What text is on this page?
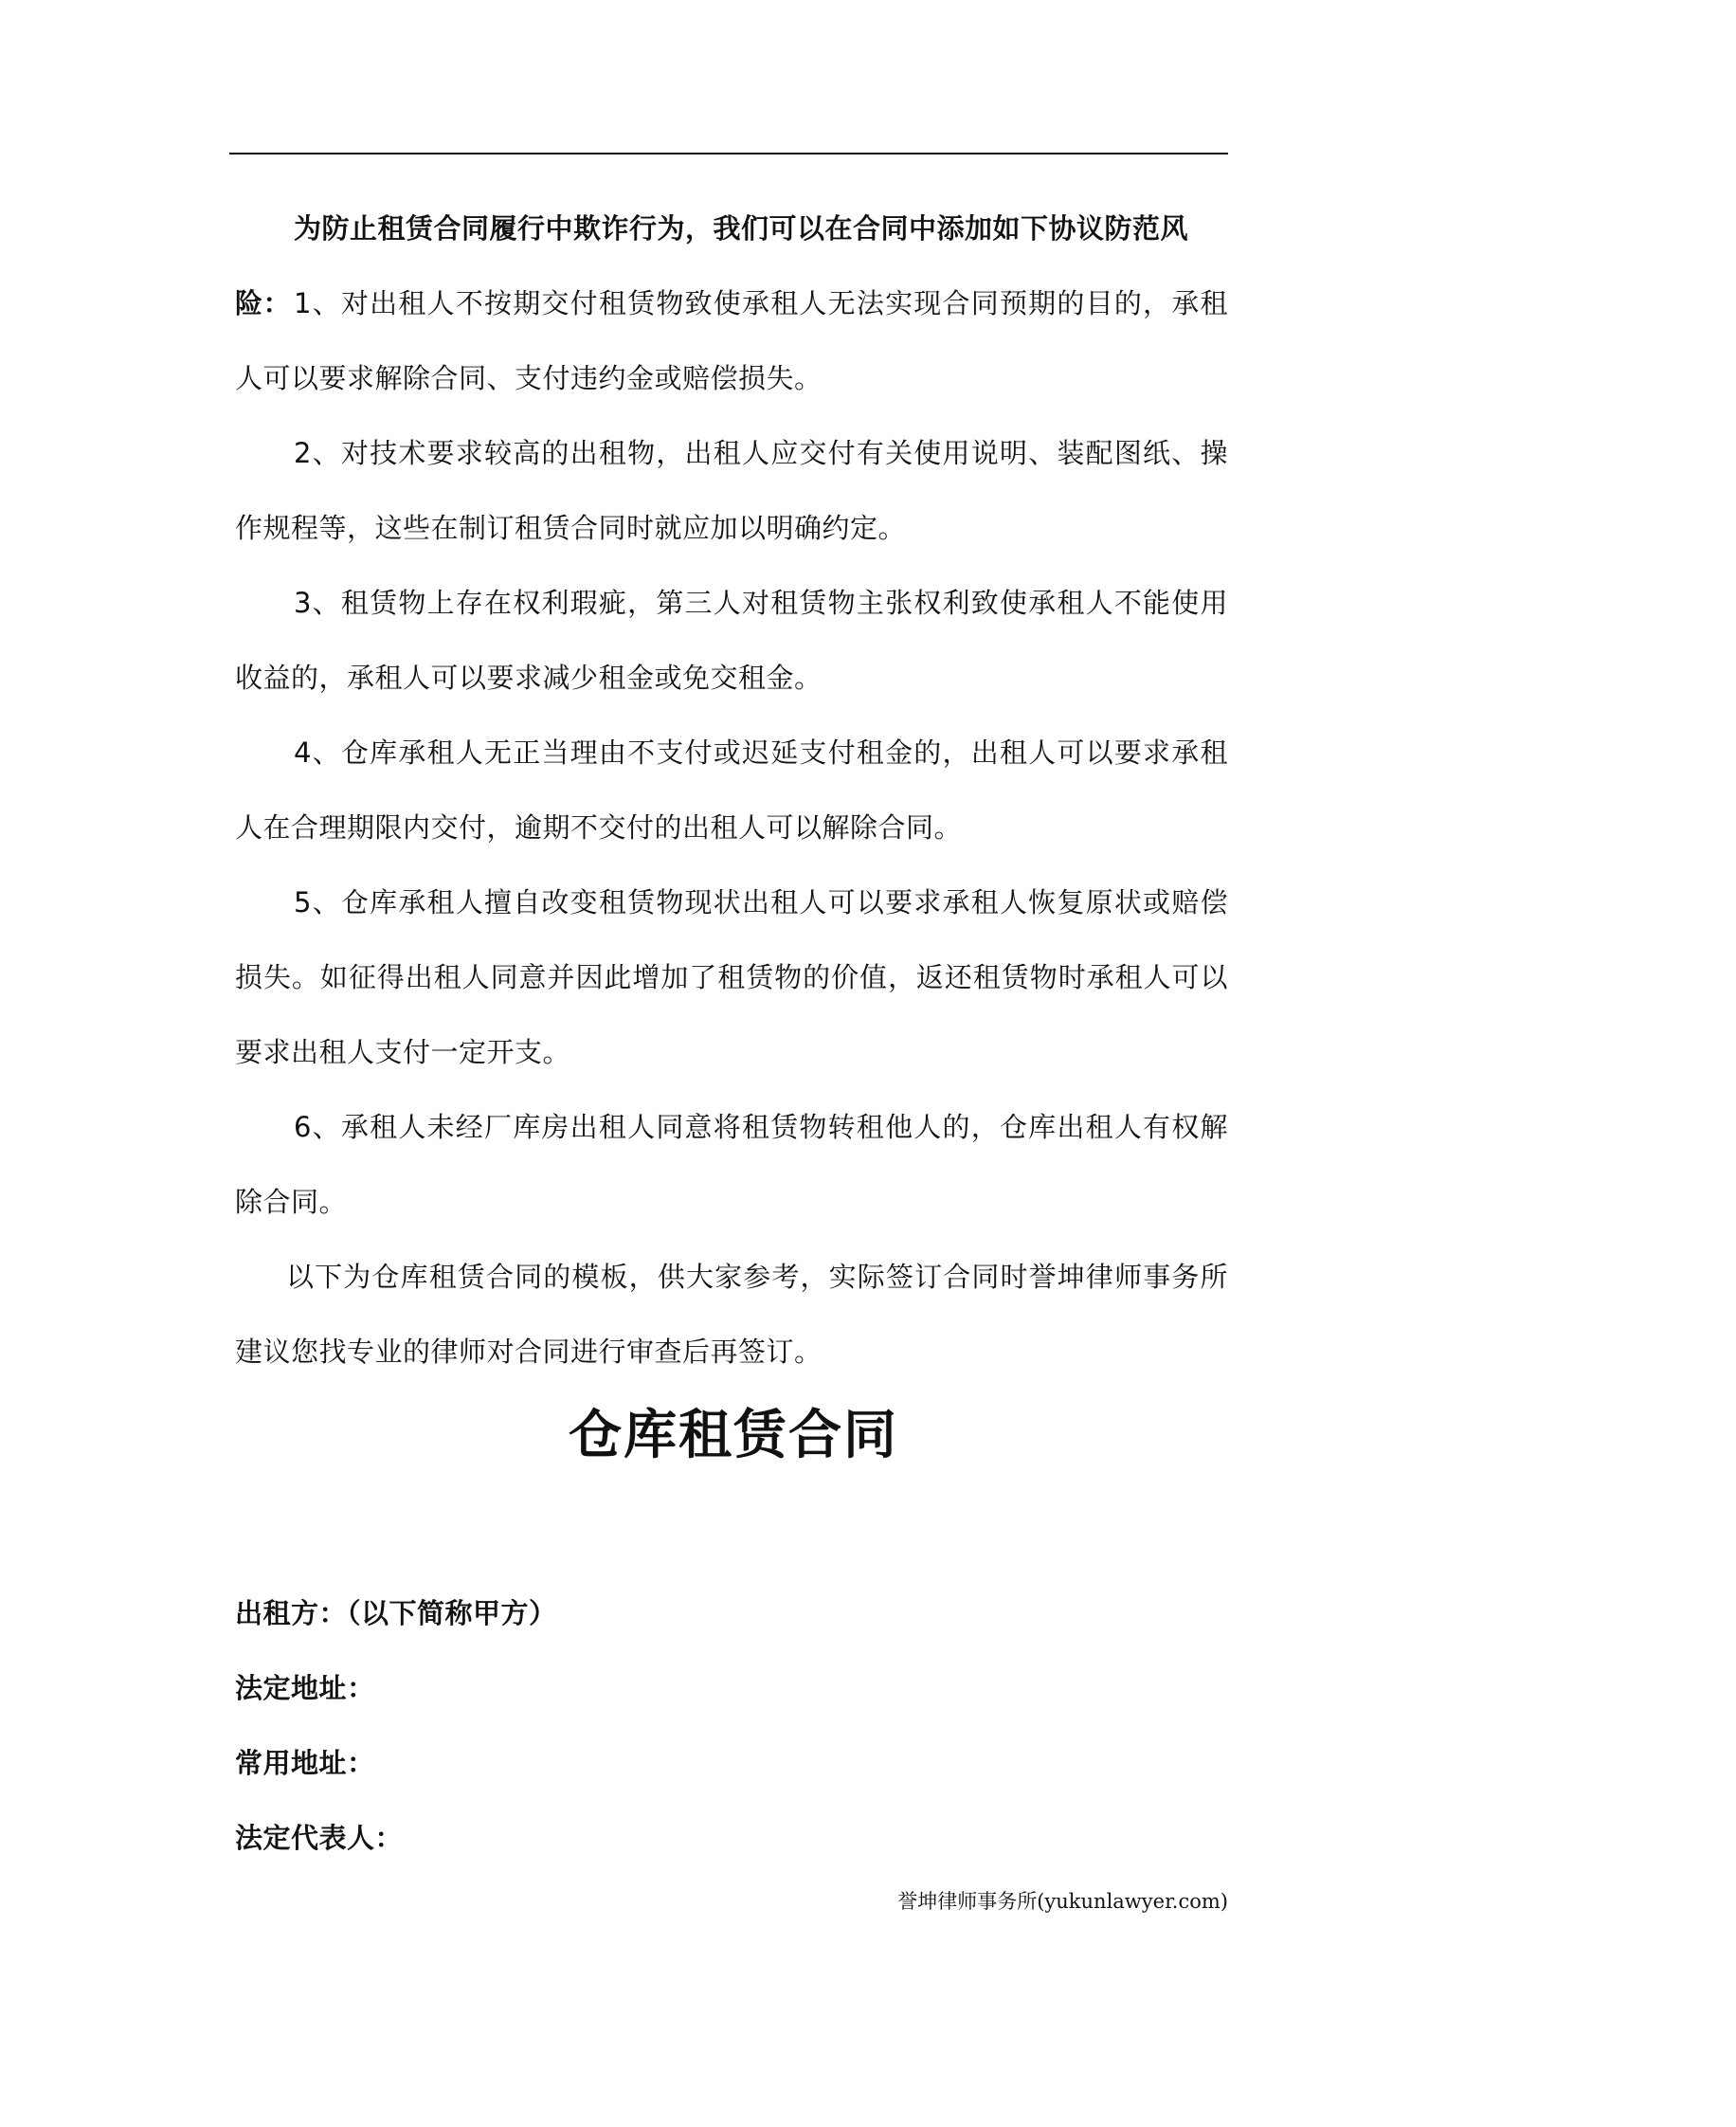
为防止租赁合同履行中欺诈行为，我们可以在合同中添加如下协议防范风险： 1、对出租人不按期交付租赁物致使承租人无法实现合同预期的目的，承租人可以要求解除合同、支付违约金或赔偿损失。

2、对技术要求较高的出租物，出租人应交付有关使用说明、装配图纸、操作规程等，这些在制订租赁合同时就应加以明确约定。

3、租赁物上存在权利瑕疵，第三人对租赁物主张权利致使承租人不能使用收益的，承租人可以要求减少租金或免交租金。

4、仓库承租人无正当理由不支付或迟延支付租金的，出租人可以要求承租人在合理期限内交付，逾期不交付的出租人可以解除合同。

5、仓库承租人擅自改变租赁物现状出租人可以要求承租人恢复原状或赔偿损失。如征得出租人同意并因此增加了租赁物的价值，返还租赁物时承租人可以要求出租人支付一定开支。

6、承租人未经厂库房出租人同意将租赁物转租他人的，仓库出租人有权解除合同。

以下为仓库租赁合同的模板，供大家参考，实际签订合同时誉坤律师事务所建议您找专业的律师对合同进行审查后再签订。

仓库租赁合同

出租方：（以下简称甲方）

法定地址：

常用地址：

法定代表人：

誉坤律师事务所(yukunlawyer.com)
